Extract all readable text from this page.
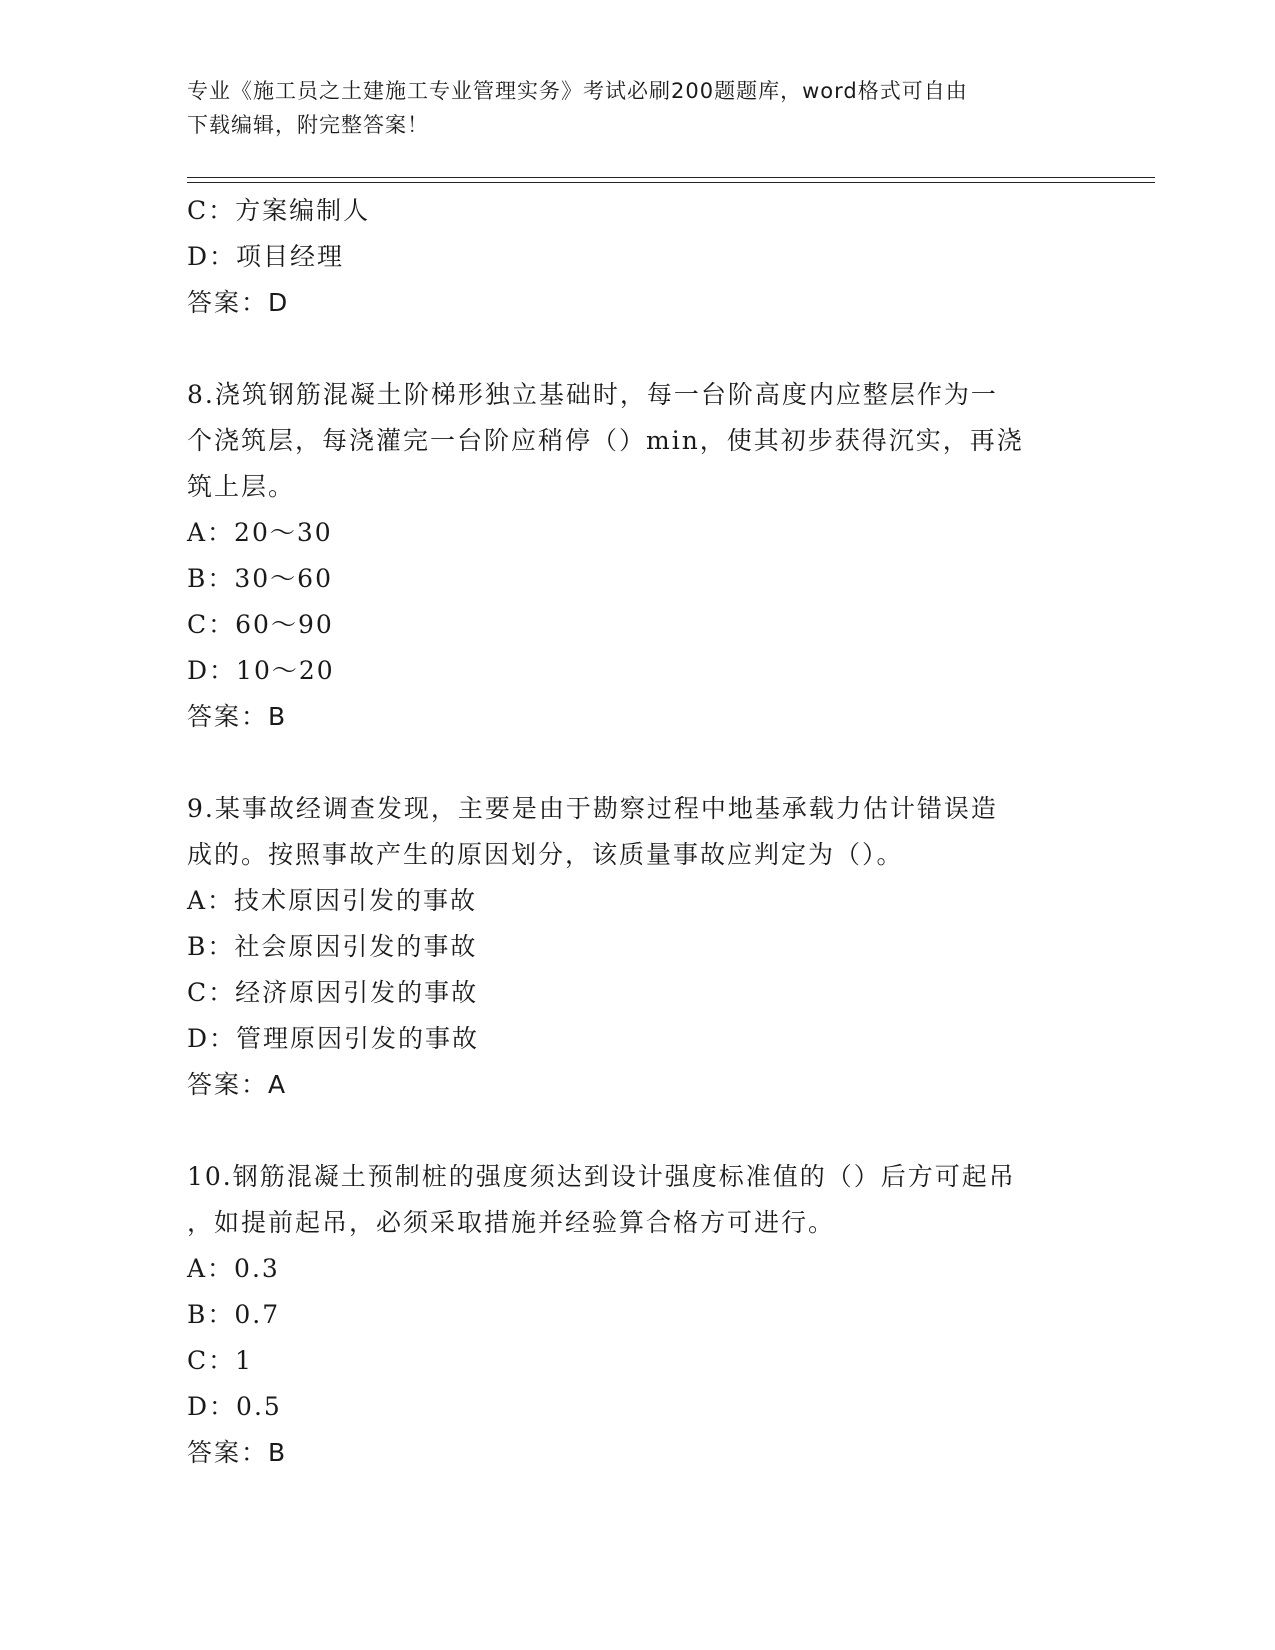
专业《施工员之土建施工专业管理实务》考试必刷200题题库，word格式可自由
下载编辑，附完整答案！
C：方案编制人
D：项目经理
答案：D
8.浇筑钢筋混凝土阶梯形独立基础时，每一台阶高度内应整层作为一
个浇筑层，每浇灌完一台阶应稍停（）min，使其初步获得沉实，再浇
筑上层。
A：20～30
B：30～60
C：60～90
D：10～20
答案：B
9.某事故经调查发现，主要是由于勘察过程中地基承载力估计错误造
成的。按照事故产生的原因划分，该质量事故应判定为（）。
A：技术原因引发的事故
B：社会原因引发的事故
C：经济原因引发的事故
D：管理原因引发的事故
答案：A
10.钢筋混凝土预制桩的强度须达到设计强度标准值的（）后方可起吊
，如提前起吊，必须采取措施并经验算合格方可进行。
A：0.3
B：0.7
C：1
D：0.5
答案：B
